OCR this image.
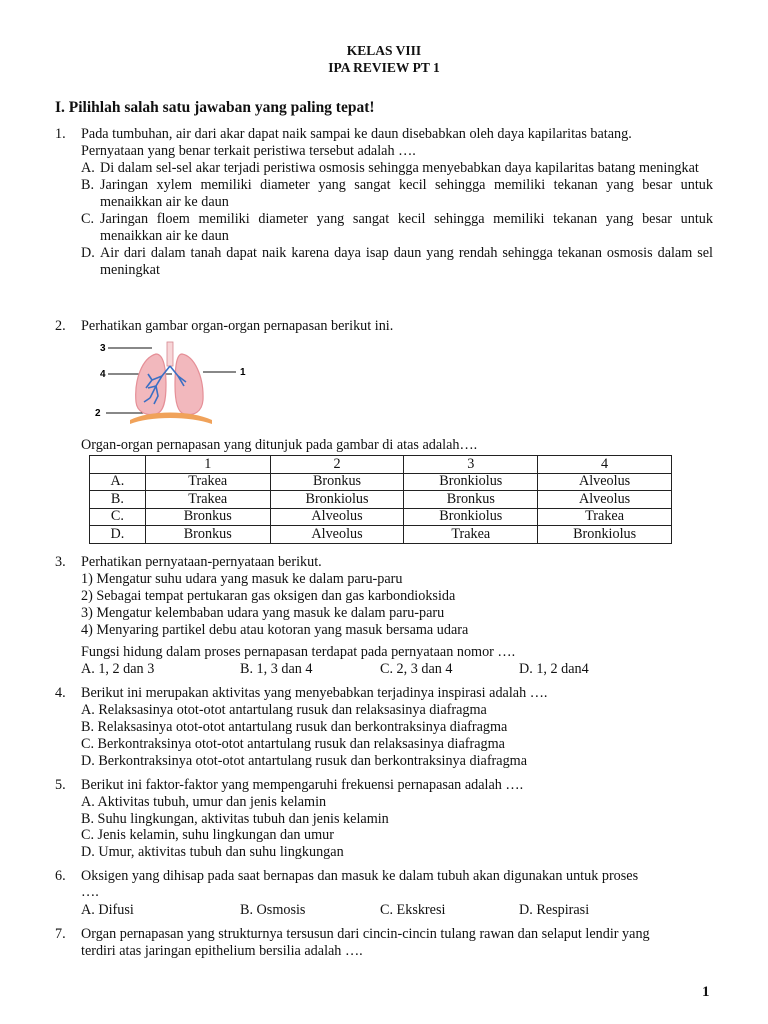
KELAS VIII
IPA REVIEW PT 1
I. Pilihlah salah satu jawaban yang paling tepat!
1. Pada tumbuhan, air dari akar dapat naik sampai ke daun disebabkan oleh daya kapilaritas batang.
Pernyataan yang benar terkait peristiwa tersebut adalah ….
A. Di dalam sel-sel akar terjadi peristiwa osmosis sehingga menyebabkan daya kapilaritas batang meningkat
B. Jaringan xylem memiliki diameter yang sangat kecil sehingga memiliki tekanan yang besar untuk menaikkan air ke daun
C. Jaringan floem memiliki diameter yang sangat kecil sehingga memiliki tekanan yang besar untuk menaikkan air ke daun
D. Air dari dalam tanah dapat naik karena daya isap daun yang rendah sehingga tekanan osmosis dalam sel meningkat
2. Perhatikan gambar organ-organ pernapasan berikut ini.
3
4	1
2
Organ-organ pernapasan yang ditunjuk pada gambar di atas adalah….
	1	2	3	4
A.	Trakea	Bronkus	Bronkiolus	Alveolus
B.	Trakea	Bronkiolus	Bronkus	Alveolus
C.	Bronkus	Alveolus	Bronkiolus	Trakea
D.	Bronkus	Alveolus	Trakea	Bronkiolus
3. Perhatikan pernyataan-pernyataan berikut.
1) Mengatur suhu udara yang masuk ke dalam paru-paru
2) Sebagai tempat pertukaran gas oksigen dan gas karbondioksida
3) Mengatur kelembaban udara yang masuk ke dalam paru-paru
4) Menyaring partikel debu atau kotoran yang masuk bersama udara
Fungsi hidung dalam proses pernapasan terdapat pada pernyataan nomor ….
A. 1, 2 dan 3	B. 1, 3 dan 4	C. 2, 3 dan 4	D. 1, 2 dan4
4. Berikut ini merupakan aktivitas yang menyebabkan terjadinya inspirasi adalah ….
A. Relaksasinya otot-otot antartulang rusuk dan relaksasinya diafragma
B. Relaksasinya otot-otot antartulang rusuk dan berkontraksinya diafragma
C. Berkontraksinya otot-otot antartulang rusuk dan relaksasinya diafragma
D. Berkontraksinya otot-otot antartulang rusuk dan berkontraksinya diafragma
5. Berikut ini faktor-faktor yang mempengaruhi frekuensi pernapasan adalah ….
A. Aktivitas tubuh, umur dan jenis kelamin
B. Suhu lingkungan, aktivitas tubuh dan jenis kelamin
C. Jenis kelamin, suhu lingkungan dan umur
D. Umur, aktivitas tubuh dan suhu lingkungan
6. Oksigen yang dihisap pada saat bernapas dan masuk ke dalam tubuh akan digunakan untuk proses
….
A. Difusi	B. Osmosis	C. Ekskresi	D. Respirasi
7. Organ pernapasan yang strukturnya tersusun dari cincin-cincin tulang rawan dan selaput lendir yang
terdiri atas jaringan epithelium bersilia adalah ….
1
